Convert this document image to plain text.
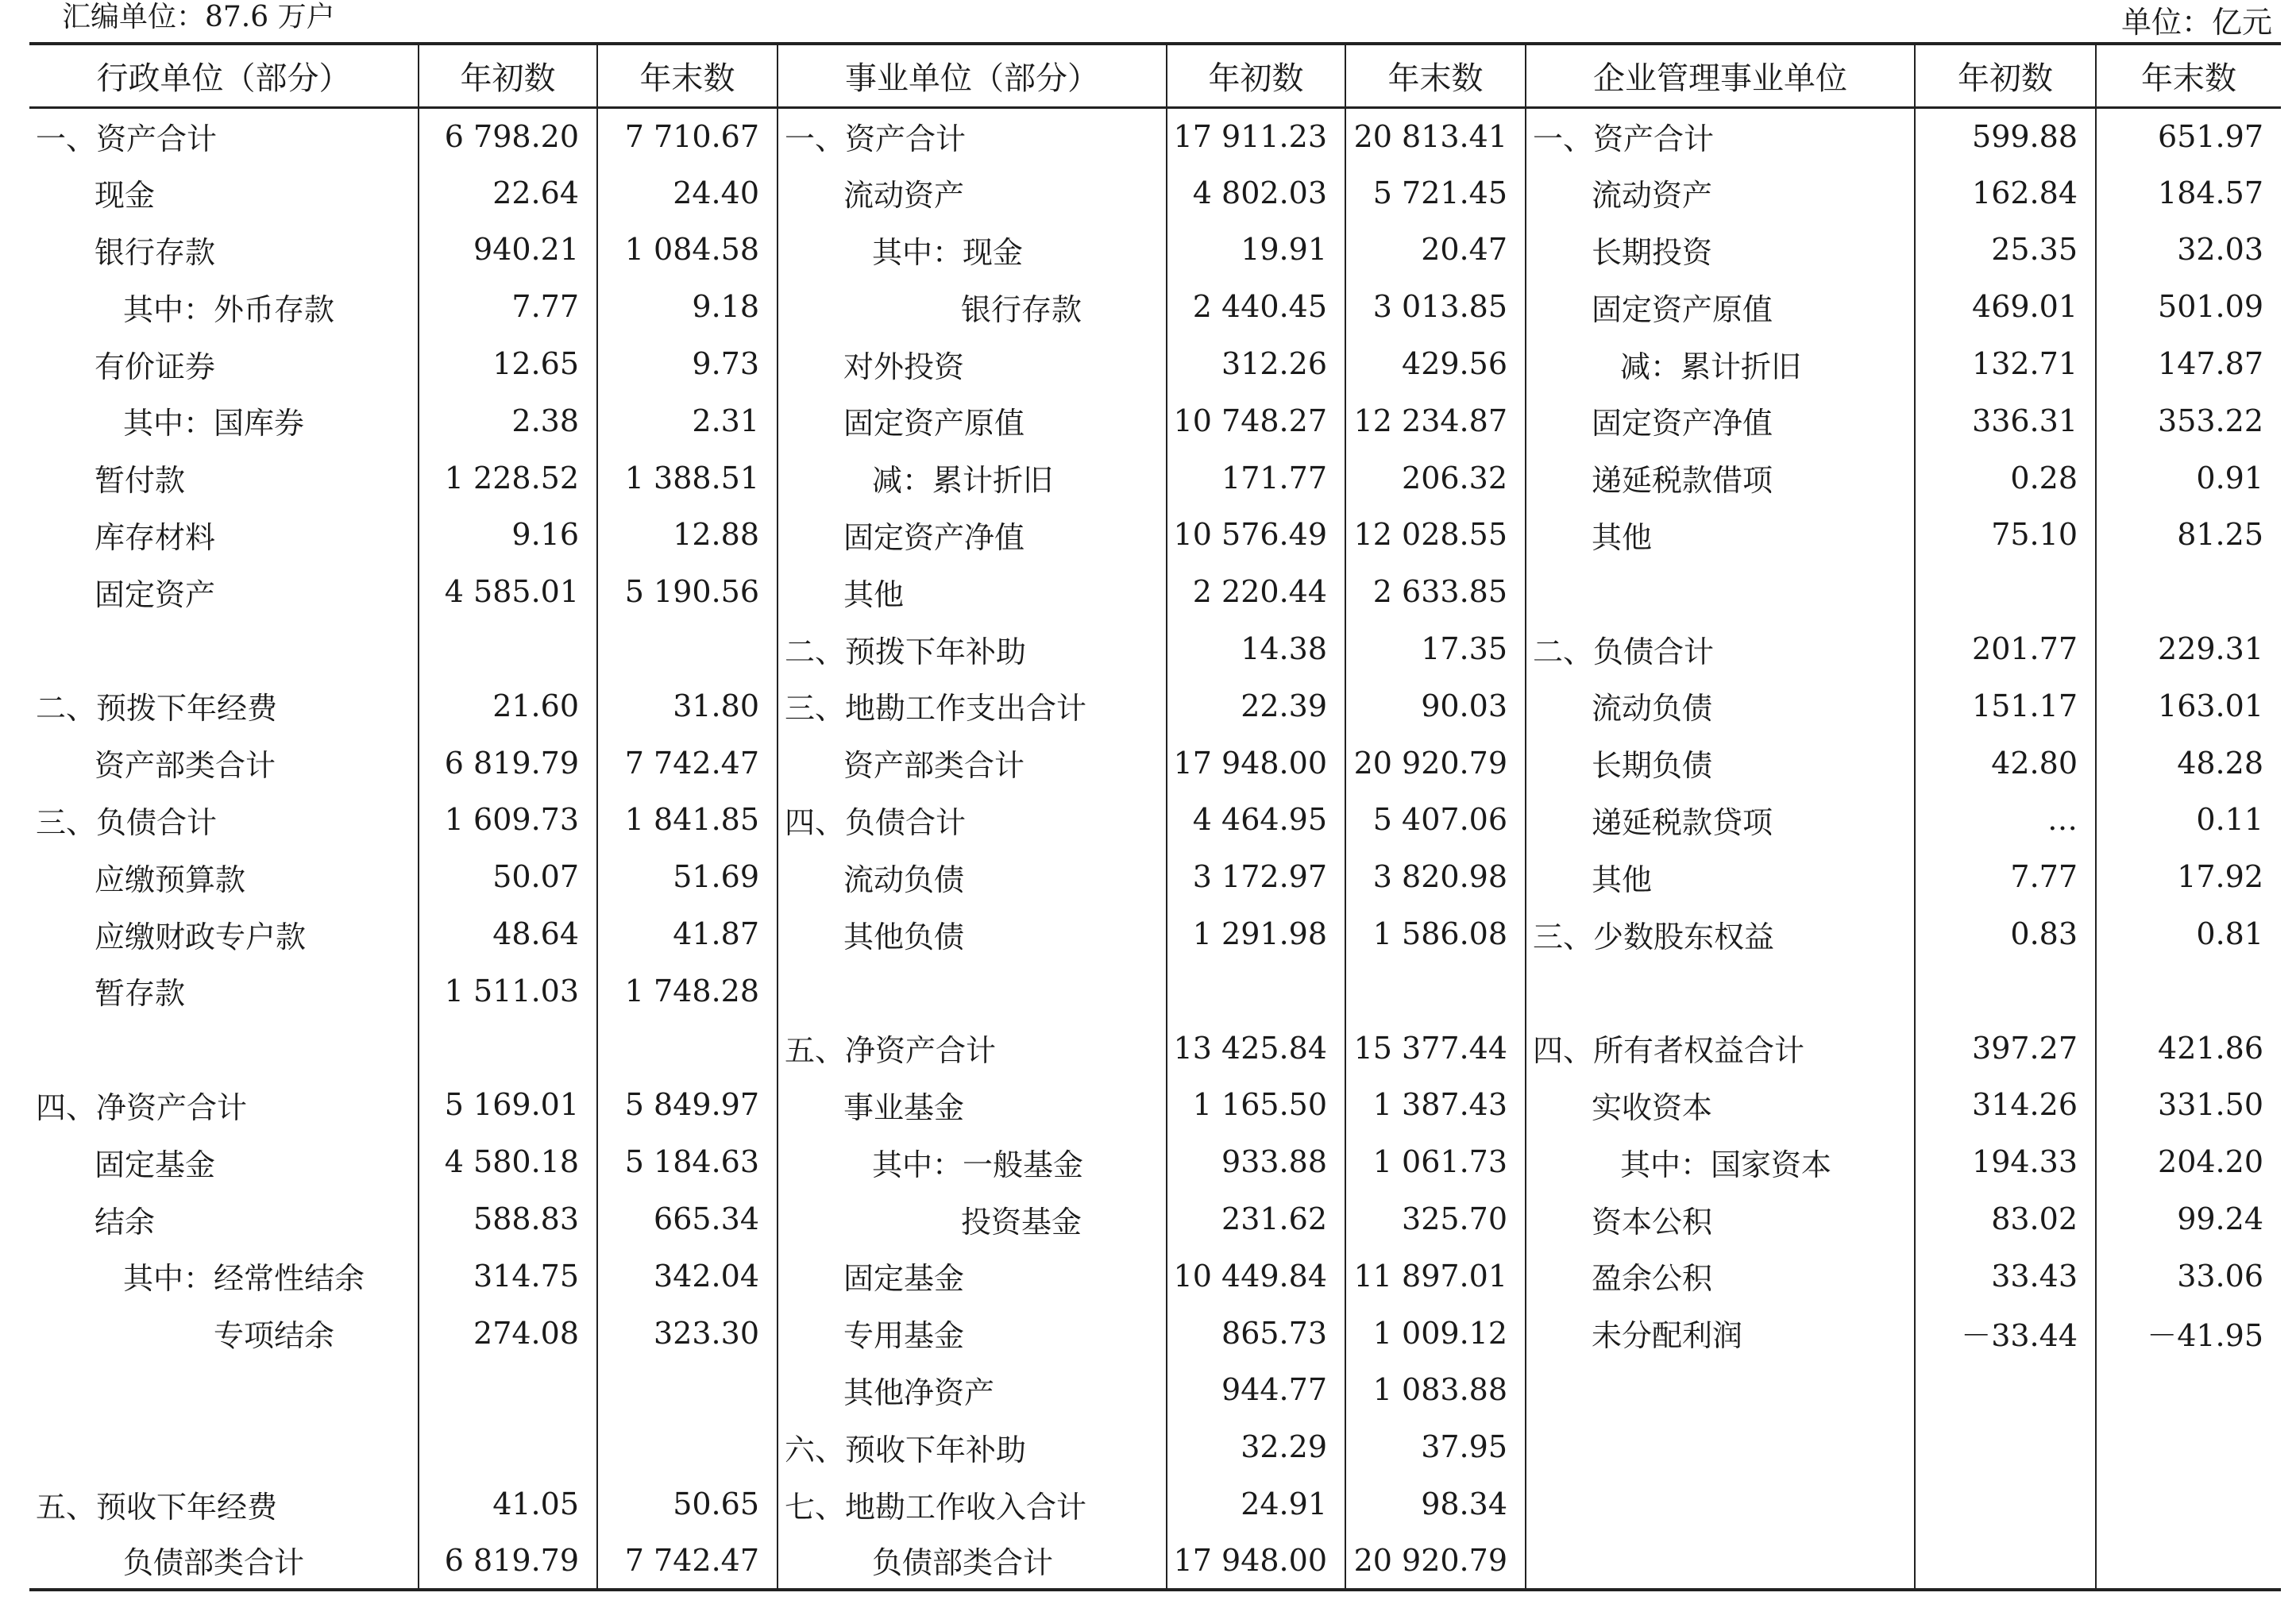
汇编单位：87.6 万户	单位：亿元
行政单位（部分）	年初数	年末数	事业单位（部分）	年初数	年末数	企业管理事业单位	年初数	年末数
一、资产合计	6 798.20	7 710.67	一、资产合计	17 911.23	20 813.41	一、资产合计	599.88	651.97
现金	22.64	24.40	流动资产	4 802.03	5 721.45	流动资产	162.84	184.57
银行存款	940.21	1 084.58	其中：现金	19.91	20.47	长期投资	25.35	32.03
其中：外币存款	7.77	9.18	银行存款	2 440.45	3 013.85	固定资产原值	469.01	501.09
有价证券	12.65	9.73	对外投资	312.26	429.56	减：累计折旧	132.71	147.87
其中：国库券	2.38	2.31	固定资产原值	10 748.27	12 234.87	固定资产净值	336.31	353.22
暂付款	1 228.52	1 388.51	减：累计折旧	171.77	206.32	递延税款借项	0.28	0.91
库存材料	9.16	12.88	固定资产净值	10 576.49	12 028.55	其他	75.10	81.25
固定资产	4 585.01	5 190.56	其他	2 220.44	2 633.85			
			二、预拨下年补助	14.38	17.35	二、负债合计	201.77	229.31
二、预拨下年经费	21.60	31.80	三、地勘工作支出合计	22.39	90.03	流动负债	151.17	163.01
资产部类合计	6 819.79	7 742.47	资产部类合计	17 948.00	20 920.79	长期负债	42.80	48.28
三、负债合计	1 609.73	1 841.85	四、负债合计	4 464.95	5 407.06	递延税款贷项	…	0.11
应缴预算款	50.07	51.69	流动负债	3 172.97	3 820.98	其他	7.77	17.92
应缴财政专户款	48.64	41.87	其他负债	1 291.98	1 586.08	三、少数股东权益	0.83	0.81
暂存款	1 511.03	1 748.28						
			五、净资产合计	13 425.84	15 377.44	四、所有者权益合计	397.27	421.86
四、净资产合计	5 169.01	5 849.97	事业基金	1 165.50	1 387.43	实收资本	314.26	331.50
固定基金	4 580.18	5 184.63	其中：一般基金	933.88	1 061.73	其中：国家资本	194.33	204.20
结余	588.83	665.34	投资基金	231.62	325.70	资本公积	83.02	99.24
其中：经常性结余	314.75	342.04	固定基金	10 449.84	11 897.01	盈余公积	33.43	33.06
专项结余	274.08	323.30	专用基金	865.73	1 009.12	未分配利润	－33.44	－41.95
			其他净资产	944.77	1 083.88			
			六、预收下年补助	32.29	37.95			
五、预收下年经费	41.05	50.65	七、地勘工作收入合计	24.91	98.34			
负债部类合计	6 819.79	7 742.47	负债部类合计	17 948.00	20 920.79			
